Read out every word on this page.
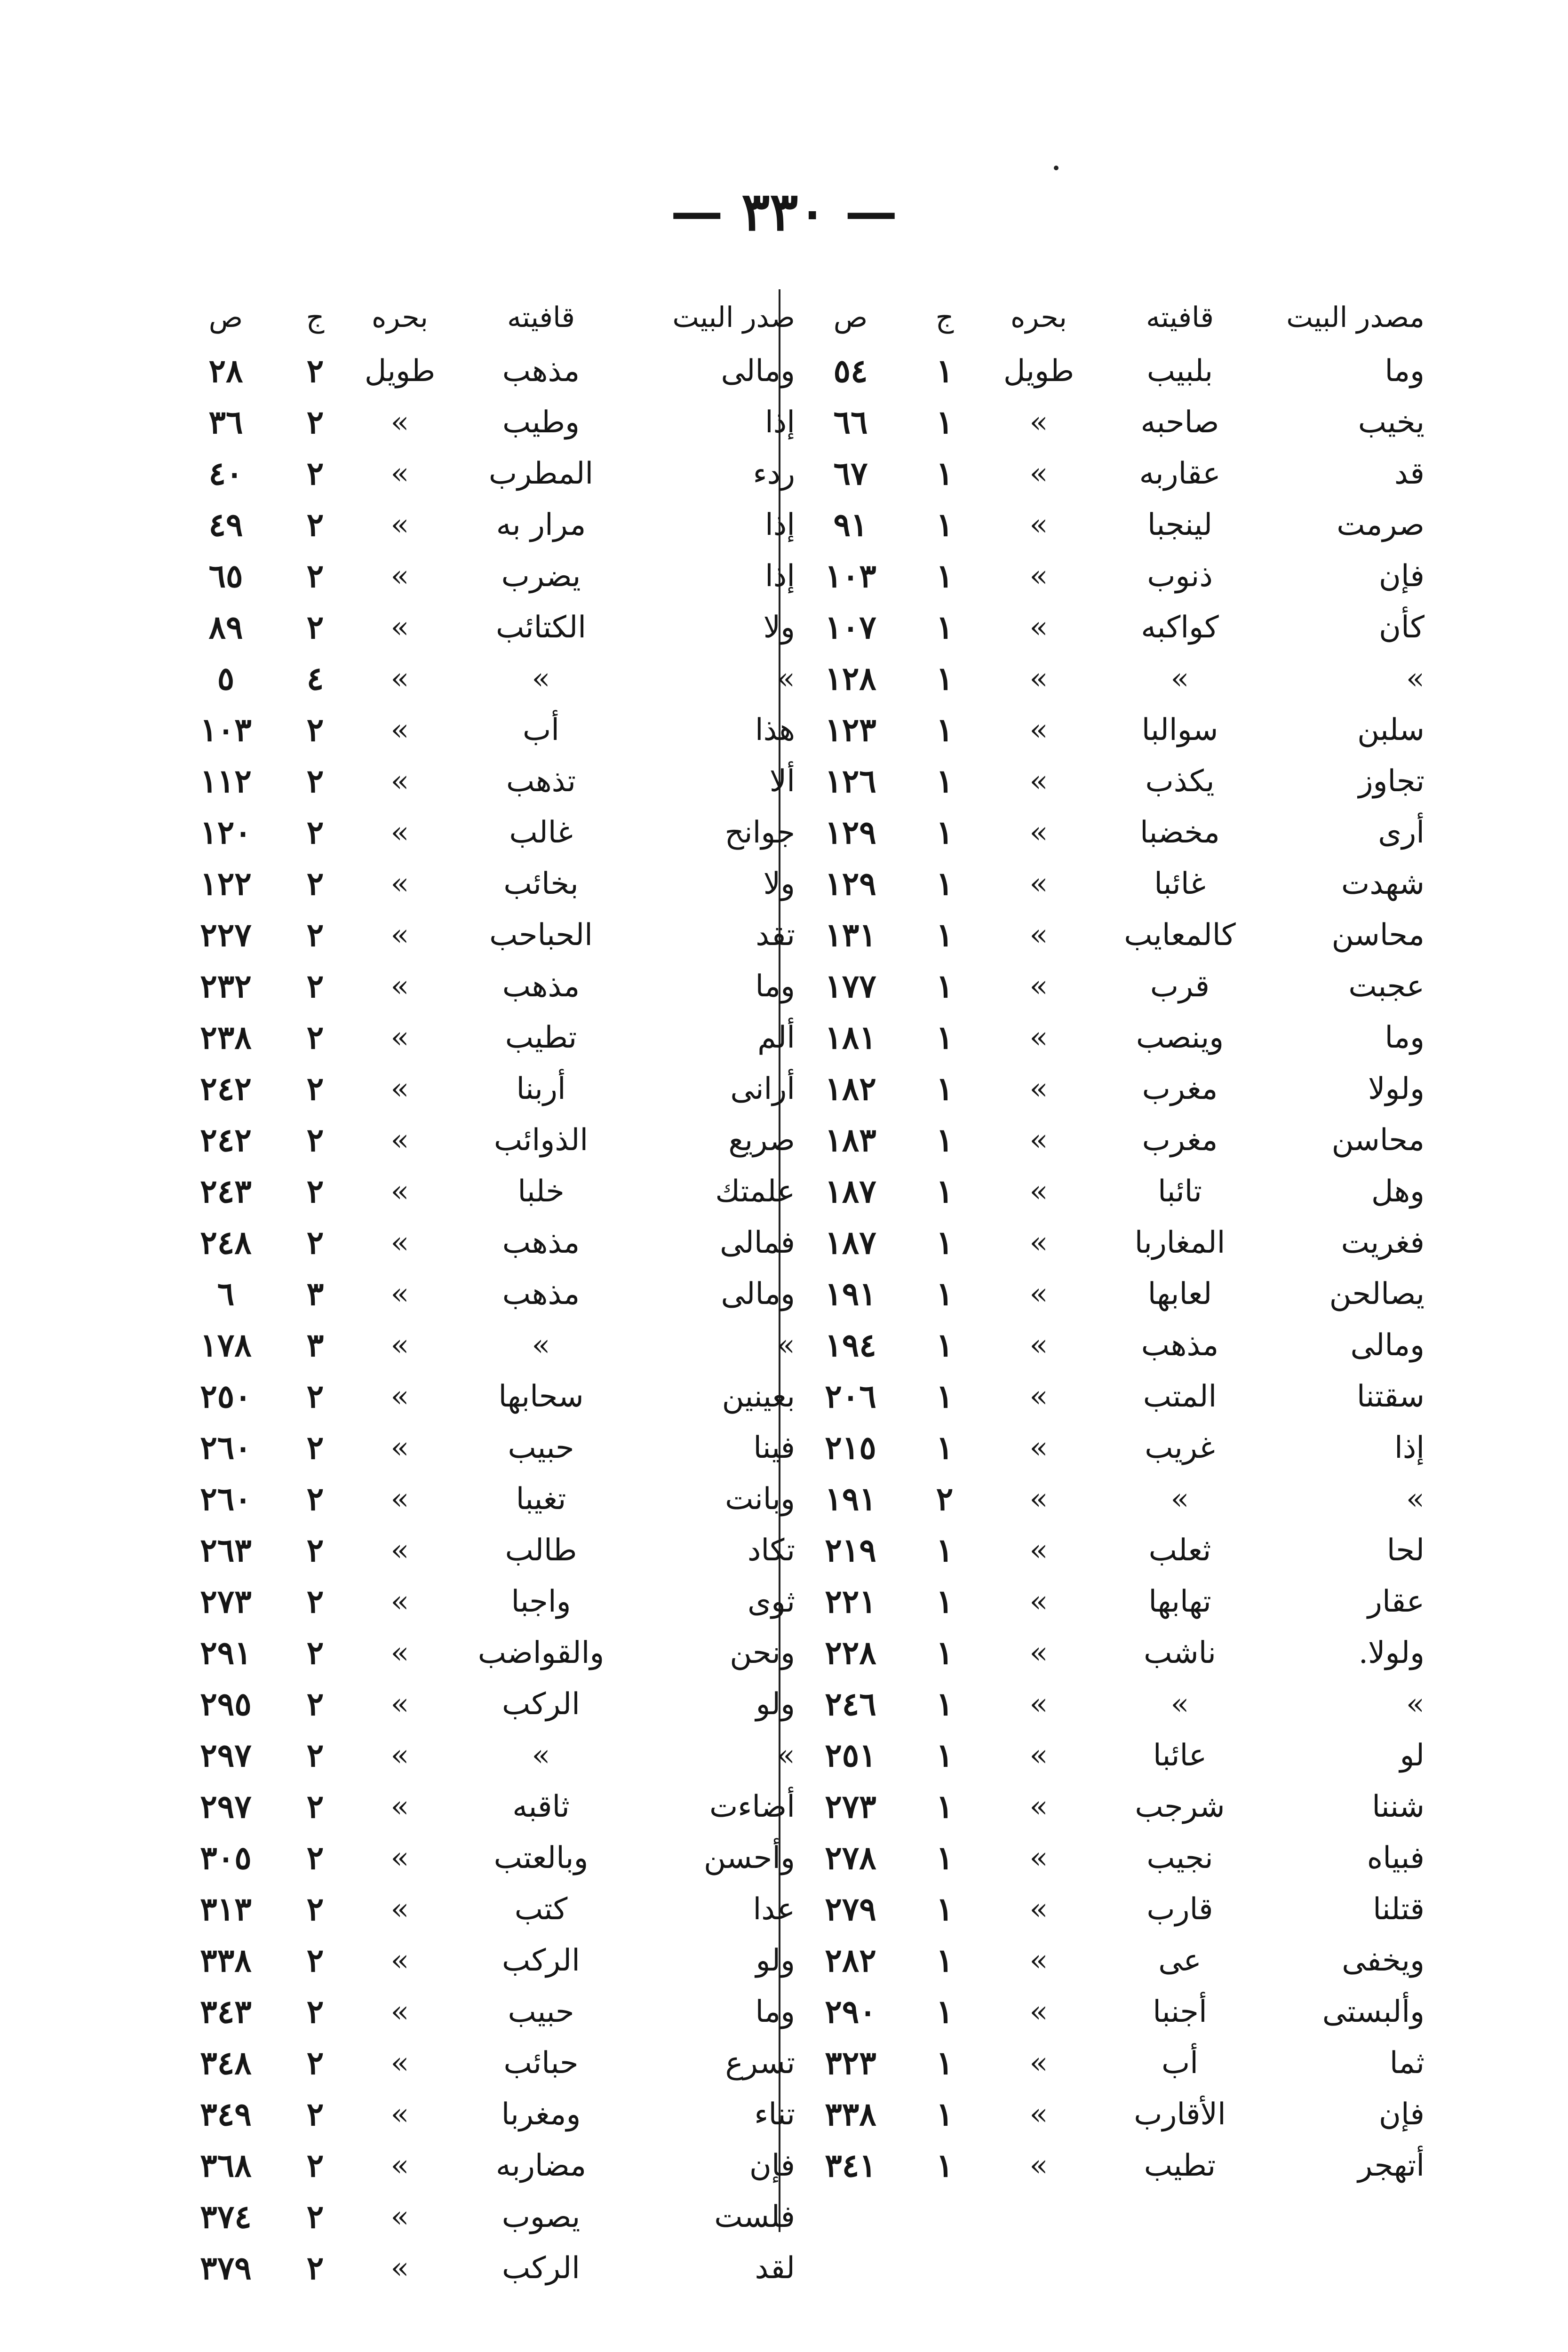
— ٣٣٠ —
مصدر البيت
قافيته
بحره
ج
ص
وما
بلبيب
طويل
١
٥٤
يخيب
صاحبه
»
١
٦٦
قد
عقاربه
»
١
٦٧
صرمت
لينجبا
»
١
٩١
فإن
ذنوب
»
١
١٠٣
كأن
كواكبه
»
١
١٠٧
»
»
»
١
١٢٨
سلبن
سوالبا
»
١
١٢٣
تجاوز
يكذب
»
١
١٢٦
أرى
مخضبا
»
١
١٢٩
شهدت
غائبا
»
١
١٢٩
محاسن
كالمعايب
»
١
١٣١
عجبت
قرب
»
١
١٧٧
وما
وينصب
»
١
١٨١
ولولا
مغرب
»
١
١٨٢
محاسن
مغرب
»
١
١٨٣
وهل
تائبا
»
١
١٨٧
فغريت
المغاربا
»
١
١٨٧
يصالحن
لعابها
»
١
١٩١
ومالى
مذهب
»
١
١٩٤
سقتنا
المتب
»
١
٢٠٦
إذا
غريب
»
١
٢١٥
»
»
»
٢
١٩١
لحا
ثعلب
»
١
٢١٩
عقار
تهابها
»
١
٢٢١
ولولا.
ناشب
»
١
٢٢٨
»
»
»
١
٢٤٦
لو
عائبا
»
١
٢٥١
شننا
شرجب
»
١
٢٧٣
فبياه
نجيب
»
١
٢٧٨
قتلنا
قارب
»
١
٢٧٩
ويخفى
عى
»
١
٢٨٢
وألبستى
أجنبا
»
١
٢٩٠
ثما
أب
»
١
٣٢٣
فإن
الأقارب
»
١
٣٣٨
أتهجر
تطيب
»
١
٣٤١
صدر البيت
قافيته
بحره
ج
ص
ومالى
مذهب
طويل
٢
٢٨
إذا
وطيب
»
٢
٣٦
ردء
المطرب
»
٢
٤٠
إذا
مرار به
»
٢
٤٩
إذا
يضرب
»
٢
٦٥
ولا
الكتائب
»
٢
٨٩
»
»
»
٤
٥
هذا
أب
»
٢
١٠٣
ألا
تذهب
»
٢
١١٢
جوانح
غالب
»
٢
١٢٠
ولا
بخائب
»
٢
١٢٢
تقد
الحباحب
»
٢
٢٢٧
وما
مذهب
»
٢
٢٣٢
ألم
تطيب
»
٢
٢٣٨
أرانى
أربنا
»
٢
٢٤٢
صريع
الذوائب
»
٢
٢٤٢
علمتك
خلبا
»
٢
٢٤٣
فمالى
مذهب
»
٢
٢٤٨
ومالى
مذهب
»
٣
٦
»
»
»
٣
١٧٨
بعينين
سحابها
»
٢
٢٥٠
فينا
حبيب
»
٢
٢٦٠
وبانت
تغيبا
»
٢
٢٦٠
تكاد
طالب
»
٢
٢٦٣
ثوى
واجبا
»
٢
٢٧٣
ونحن
والقواضب
»
٢
٢٩١
ولو
الركب
»
٢
٢٩٥
»
»
»
٢
٢٩٧
أضاءت
ثاقبه
»
٢
٢٩٧
وأحسن
وبالعتب
»
٢
٣٠٥
عدا
كتب
»
٢
٣١٣
ولو
الركب
»
٢
٣٣٨
وما
حبيب
»
٢
٣٤٣
تسرع
حبائب
»
٢
٣٤٨
تناء
ومغربا
»
٢
٣٤٩
فإن
مضاربه
»
٢
٣٦٨
فلست
يصوب
»
٢
٣٧٤
لقد
الركب
»
٢
٣٧٩
